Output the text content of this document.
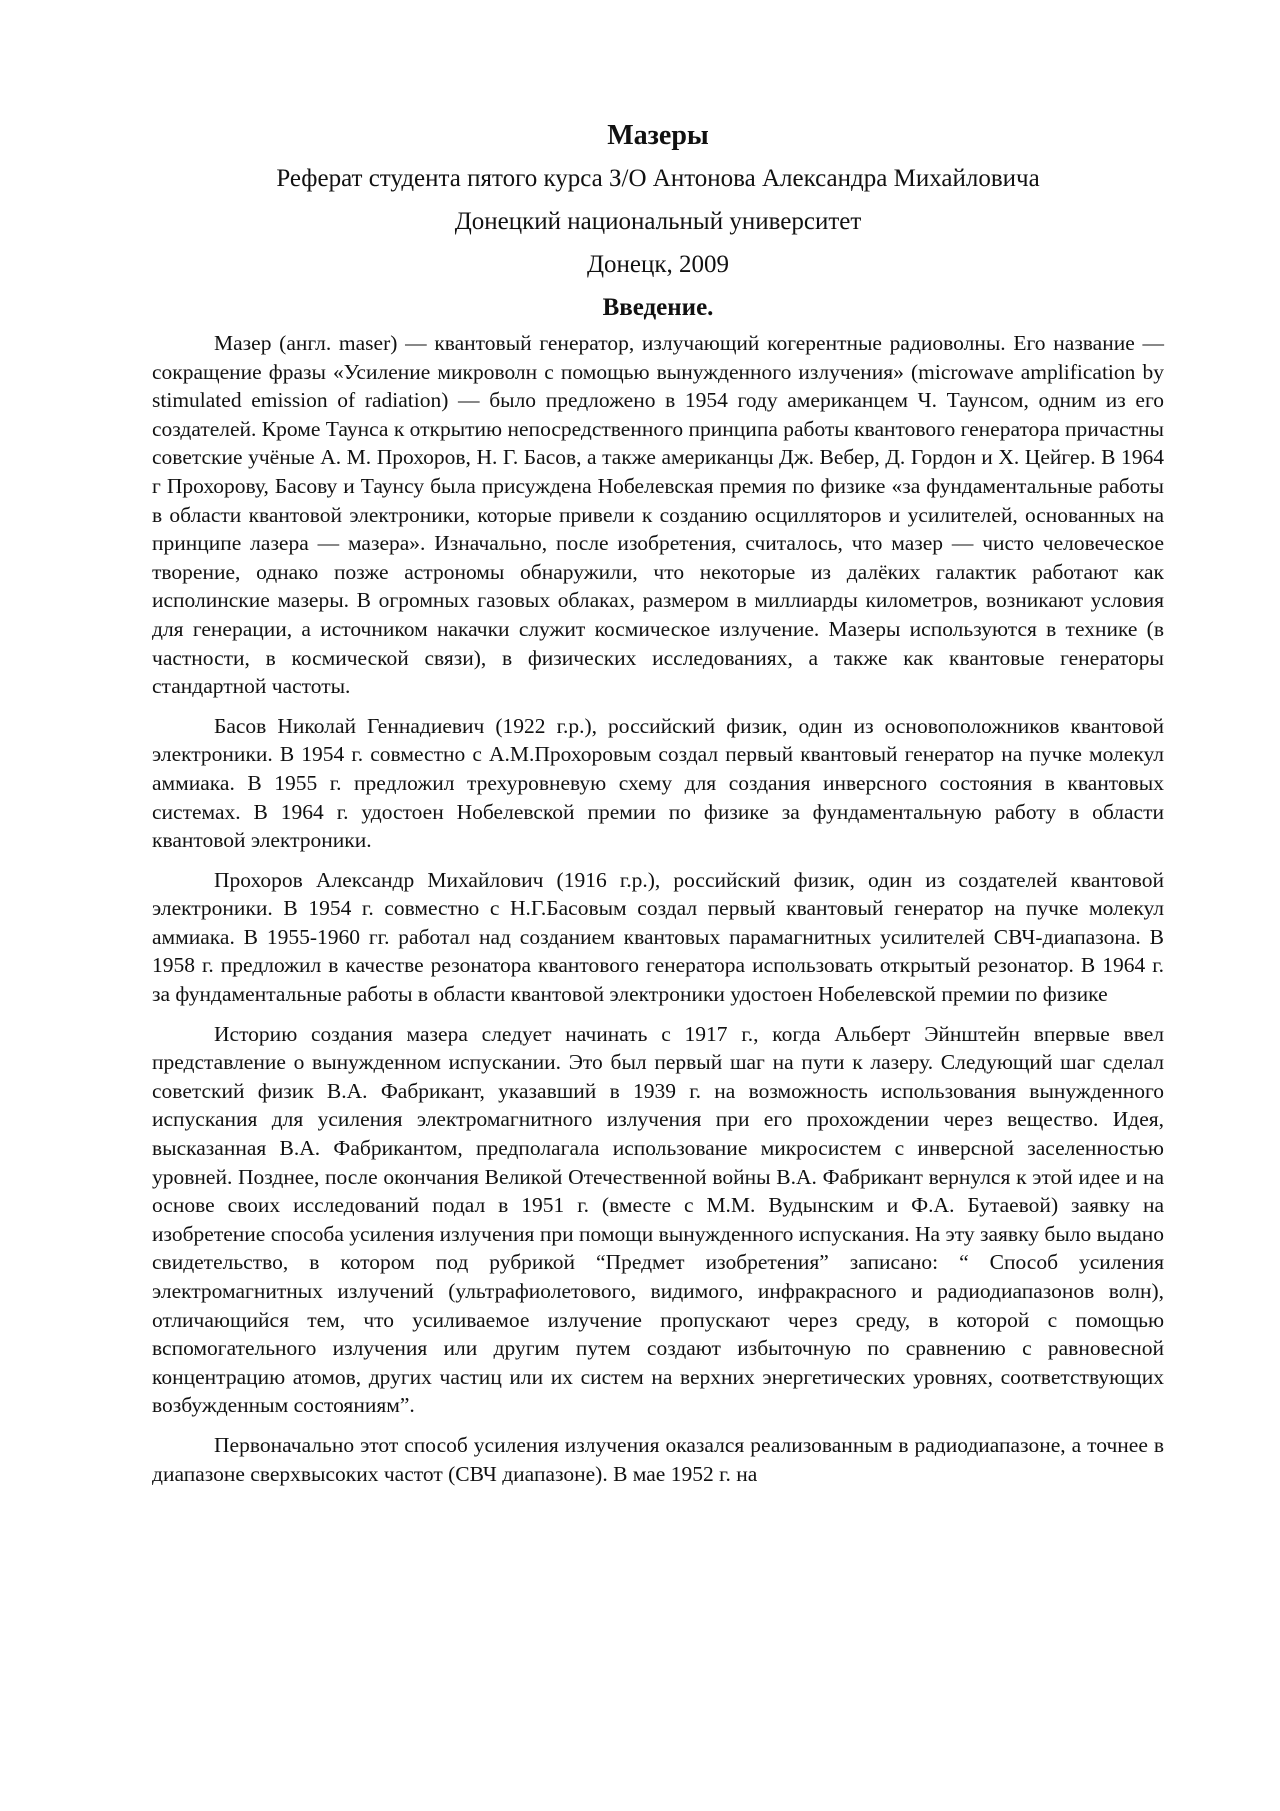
Мазеры
Реферат студента пятого курса З/О Антонова Александра Михайловича
Донецкий национальный университет
Донецк, 2009
Введение.

Мазер (англ. maser) — квантовый генератор, излучающий когерентные радиоволны. Его название — сокращение фразы «Усиление микроволн с помощью вынужденного излучения» (microwave amplification by stimulated emission of radiation) — было предложено в 1954 году американцем Ч. Таунсом, одним из его создателей. Кроме Таунса к открытию непосредственного принципа работы квантового генератора причастны советские учёные А. М. Прохоров, Н. Г. Басов, а также американцы Дж. Вебер, Д. Гордон и Х. Цейгер. В 1964 г Прохорову, Басову и Таунсу была присуждена Нобелевская премия по физике «за фундаментальные работы в области квантовой электроники, которые привели к созданию осцилляторов и усилителей, основанных на принципе лазера — мазера». Изначально, после изобретения, считалось, что мазер — чисто человеческое творение, однако позже астрономы обнаружили, что некоторые из далёких галактик работают как исполинские мазеры. В огромных газовых облаках, размером в миллиарды километров, возникают условия для генерации, а источником накачки служит космическое излучение. Мазеры используются в технике (в частности, в космической связи), в физических исследованиях, а также как квантовые генераторы стандартной частоты.

Басов Николай Геннадиевич (1922 г.р.), российский физик, один из основоположников квантовой электроники. В 1954 г. совместно с А.М.Прохоровым создал первый квантовый генератор на пучке молекул аммиака. В 1955 г. предложил трехуровневую схему для создания инверсного состояния в квантовых системах. В 1964 г. удостоен Нобелевской премии по физике за фундаментальную работу в области квантовой электроники.

Прохоров Александр Михайлович (1916 г.р.), российский физик, один из создателей квантовой электроники. В 1954 г. совместно с Н.Г.Басовым создал первый квантовый генератор на пучке молекул аммиака. В 1955-1960 гг. работал над созданием квантовых парамагнитных усилителей СВЧ-диапазона. В 1958 г. предложил в качестве резонатора квантового генератора использовать открытый резонатор. В 1964 г. за фундаментальные работы в области квантовой электроники удостоен Нобелевской премии по физике

Историю создания мазера следует начинать с 1917 г., когда Альберт Эйнштейн впервые ввел представление о вынужденном испускании. Это был первый шаг на пути к лазеру. Следующий шаг сделал советский физик В.А. Фабрикант, указавший в 1939 г. на возможность использования вынужденного испускания для усиления электромагнитного излучения при его прохождении через вещество. Идея, высказанная В.А. Фабрикантом, предполагала использование микросистем с инверсной заселенностью уровней. Позднее, после окончания Великой Отечественной войны В.А. Фабрикант вернулся к этой идее и на основе своих исследований подал в 1951 г. (вместе с М.М. Вудынским и Ф.А. Бутаевой) заявку на изобретение способа усиления излучения при помощи вынужденного испускания. На эту заявку было выдано свидетельство, в котором под рубрикой “Предмет изобретения” записано: “ Способ усиления электромагнитных излучений (ультрафиолетового, видимого, инфракрасного и радиодиапазонов волн), отличающийся тем, что усиливаемое излучение пропускают через среду, в которой с помощью вспомогательного излучения или другим путем создают избыточную по сравнению с равновесной концентрацию атомов, других частиц или их систем на верхних энергетических уровнях, соответствующих возбужденным состояниям”.

Первоначально этот способ усиления излучения оказался реализованным в радиодиапазоне, а точнее в диапазоне сверхвысоких частот (СВЧ диапазоне). В мае 1952 г. на
